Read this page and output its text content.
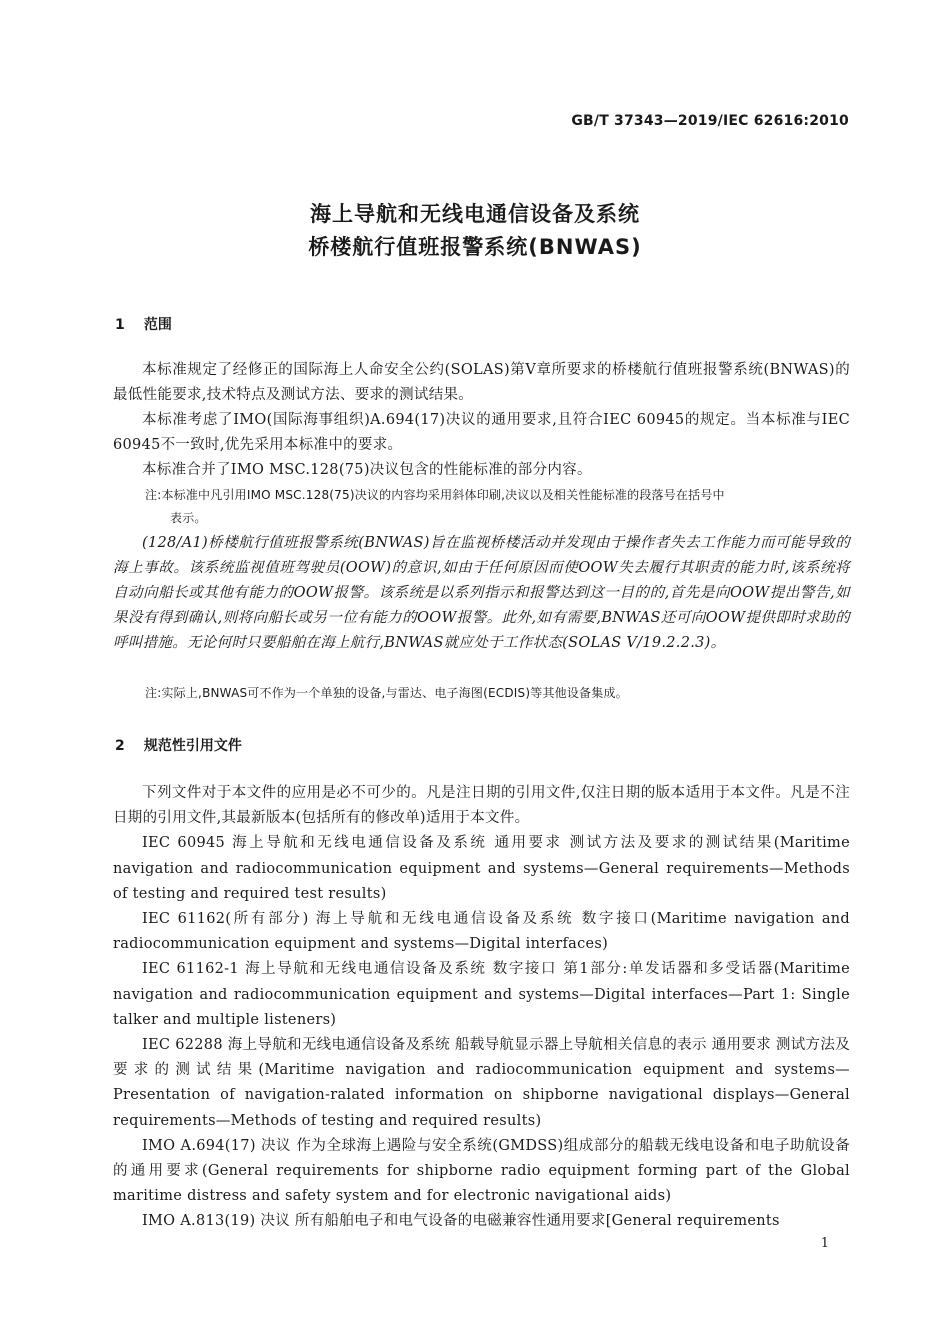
GB/T 37343—2019/IEC 62616:2010
海上导航和无线电通信设备及系统
桥楼航行值班报警系统(BNWAS)
1 范围

本标准规定了经修正的国际海上人命安全公约(SOLAS)第Ⅴ章所要求的桥楼航行值班报警系统(BNWAS)的最低性能要求,技术特点及测试方法、要求的测试结果。

本标准考虑了IMO(国际海事组织)A.694(17)决议的通用要求,且符合IEC 60945的规定。当本标准与IEC 60945不一致时,优先采用本标准中的要求。

本标准合并了IMO MSC.128(75)决议包含的性能标准的部分内容。

注:本标准中凡引用IMO MSC.128(75)决议的内容均采用斜体印刷,决议以及相关性能标准的段落号在括号中
表示。

(128/A1)桥楼航行值班报警系统(BNWAS)旨在监视桥楼活动并发现由于操作者失去工作能力而可能导致的海上事故。该系统监视值班驾驶员(OOW)的意识,如由于任何原因而使OOW失去履行其职责的能力时,该系统将自动向船长或其他有能力的OOW报警。该系统是以系列指示和报警达到这一目的的,首先是向OOW提出警告,如果没有得到确认,则将向船长或另一位有能力的OOW报警。此外,如有需要,BNWAS还可向OOW提供即时求助的呼叫措施。无论何时只要船舶在海上航行,BNWAS就应处于工作状态(SOLAS V/19.2.2.3)。

注:实际上,BNWAS可不作为一个单独的设备,与雷达、电子海图(ECDIS)等其他设备集成。
2 规范性引用文件

下列文件对于本文件的应用是必不可少的。凡是注日期的引用文件,仅注日期的版本适用于本文件。凡是不注日期的引用文件,其最新版本(包括所有的修改单)适用于本文件。

IEC 60945 海上导航和无线电通信设备及系统 通用要求 测试方法及要求的测试结果(Maritime navigation and radiocommunication equipment and systems—General requirements—Methods of testing and required test results)

IEC 61162(所有部分) 海上导航和无线电通信设备及系统 数字接口(Maritime navigation and radiocommunication equipment and systems—Digital interfaces)

IEC 61162-1 海上导航和无线电通信设备及系统 数字接口 第1部分:单发话器和多受话器(Maritime navigation and radiocommunication equipment and systems—Digital interfaces—Part 1: Single talker and multiple listeners)

IEC 62288 海上导航和无线电通信设备及系统 船载导航显示器上导航相关信息的表示 通用要求 测试方法及要求的测试结果(Maritime navigation and radiocommunication equipment and systems—Presentation of navigation-ralated information on shipborne navigational displays—General requirements—Methods of testing and required results)

IMO A.694(17) 决议 作为全球海上遇险与安全系统(GMDSS)组成部分的船载无线电设备和电子助航设备的通用要求(General requirements for shipborne radio equipment forming part of the Global maritime distress and safety system and for electronic navigational aids)

IMO A.813(19) 决议 所有船舶电子和电气设备的电磁兼容性通用要求[General requirements

1
